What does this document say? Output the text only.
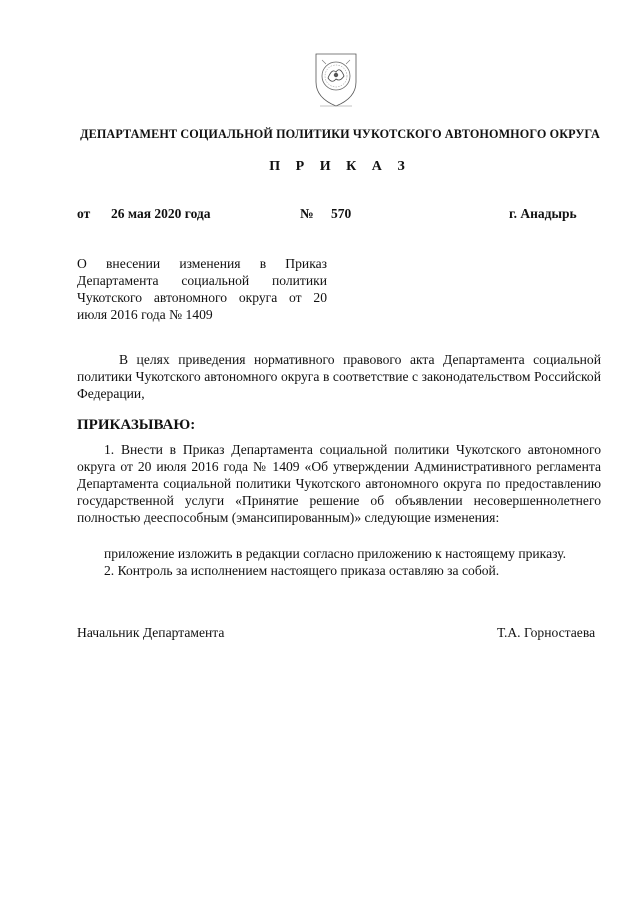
ДЕПАРТАМЕНТ СОЦИАЛЬНОЙ ПОЛИТИКИ ЧУКОТСКОГО АВТОНОМНОГО ОКРУГА
П Р И К А З
от 26 мая 2020 года	№ 570	г. Анадырь
О внесении изменения в Приказ
Департамента социальной политики
Чукотского автономного округа от 20
июля 2016 года № 1409
В целях приведения нормативного правового акта Департамента социальной политики Чукотского автономного округа в соответствие с законодательством Российской Федерации,
ПРИКАЗЫВАЮ:
1. Внести в Приказ Департамента социальной политики Чукотского автономного округа от 20 июля 2016 года № 1409 «Об утверждении Административного регламента Департамента социальной политики Чукотского автономного округа по предоставлению государственной услуги «Принятие решение об объявлении несовершеннолетнего полностью дееспособным (эмансипированным)» следующие изменения:
приложение изложить в редакции согласно приложению к настоящему приказу.
2. Контроль за исполнением настоящего приказа оставляю за собой.
Начальник Департамента	Т.А. Горностаева
